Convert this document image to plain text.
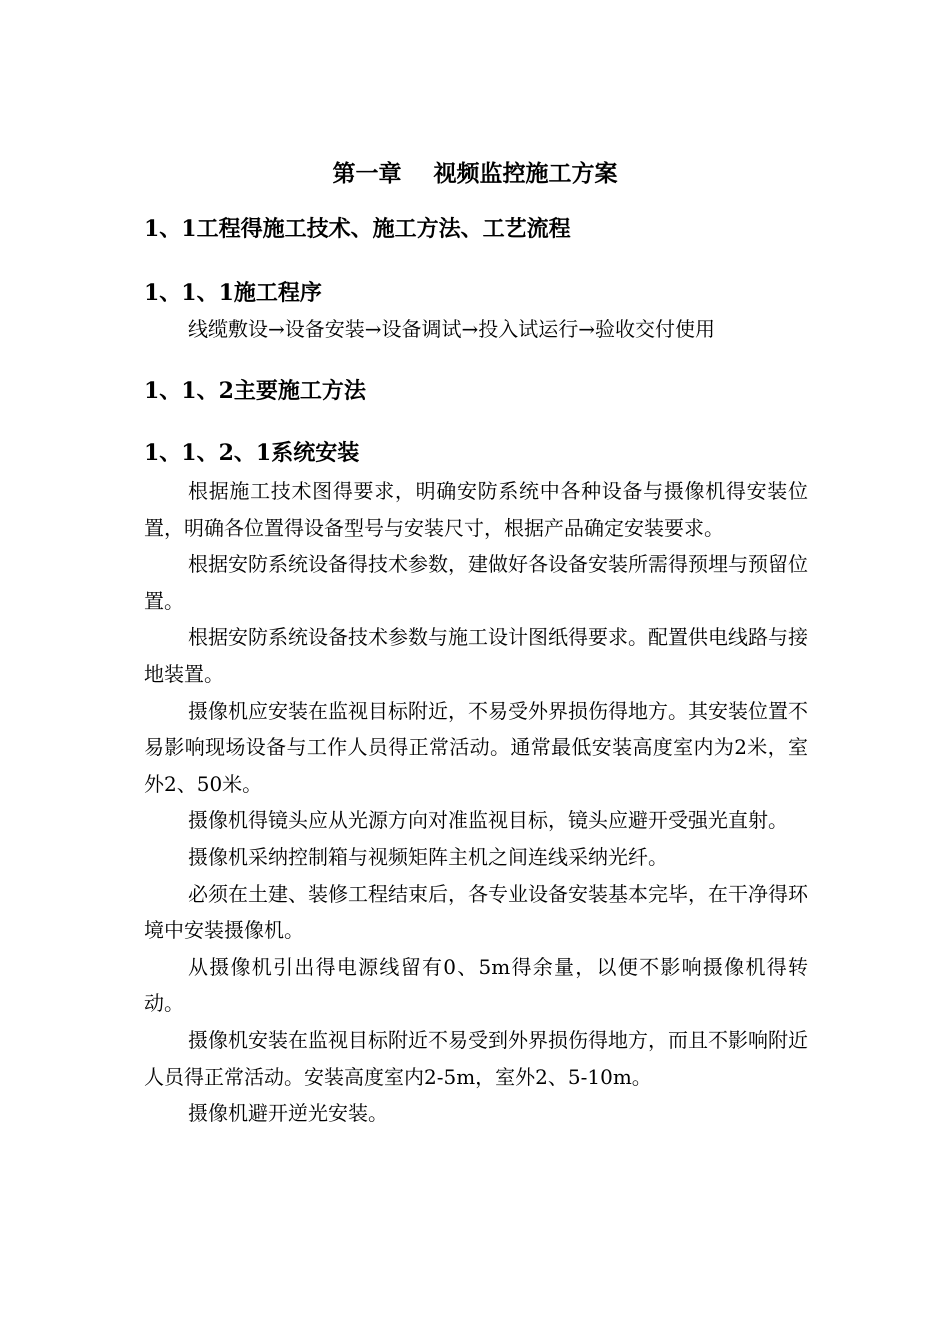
第一章    视频监控施工方案
1、1工程得施工技术、施工方法、工艺流程
1、1、1施工程序
线缆敷设→设备安装→设备调试→投入试运行→验收交付使用
1、1、2主要施工方法
1、1、2、1系统安装

根据施工技术图得要求，明确安防系统中各种设备与摄像机得安装位置，明确各位置得设备型号与安装尺寸，根据产品确定安装要求。

根据安防系统设备得技术参数，建做好各设备安装所需得预埋与预留位置。

根据安防系统设备技术参数与施工设计图纸得要求。配置供电线路与接地装置。

摄像机应安装在监视目标附近，不易受外界损伤得地方。其安装位置不易影响现场设备与工作人员得正常活动。通常最低安装高度室内为2米，室外2、50米。

摄像机得镜头应从光源方向对准监视目标，镜头应避开受强光直射。

摄像机采纳控制箱与视频矩阵主机之间连线采纳光纤。

必须在土建、装修工程结束后，各专业设备安装基本完毕，在干净得环境中安装摄像机。

从摄像机引出得电源线留有0、5m得余量，以便不影响摄像机得转动。

摄像机安装在监视目标附近不易受到外界损伤得地方，而且不影响附近人员得正常活动。安装高度室内2-5m，室外2、5-10m。

摄像机避开逆光安装。
